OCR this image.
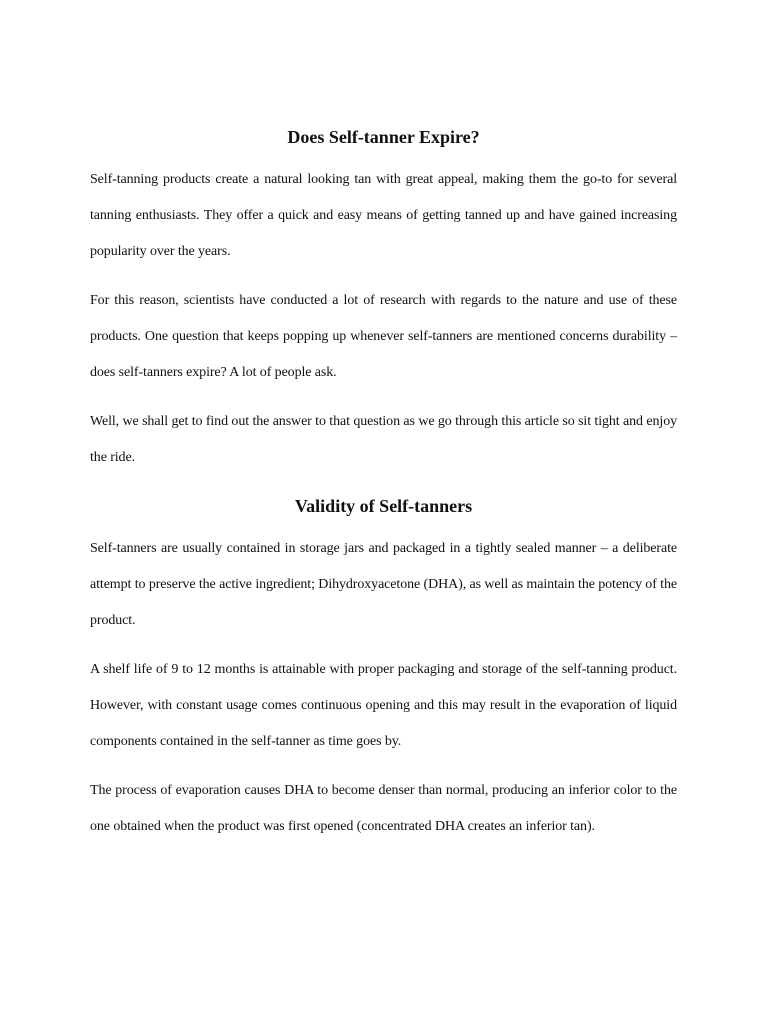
Does Self-tanner Expire?

Self-tanning products create a natural looking tan with great appeal, making them the go-to for several tanning enthusiasts. They offer a quick and easy means of getting tanned up and have gained increasing popularity over the years.

For this reason, scientists have conducted a lot of research with regards to the nature and use of these products. One question that keeps popping up whenever self-tanners are mentioned concerns durability – does self-tanners expire? A lot of people ask.

Well, we shall get to find out the answer to that question as we go through this article so sit tight and enjoy the ride.

Validity of Self-tanners

Self-tanners are usually contained in storage jars and packaged in a tightly sealed manner – a deliberate attempt to preserve the active ingredient; Dihydroxyacetone (DHA), as well as maintain the potency of the product.

A shelf life of 9 to 12 months is attainable with proper packaging and storage of the self-tanning product. However, with constant usage comes continuous opening and this may result in the evaporation of liquid components contained in the self-tanner as time goes by.

The process of evaporation causes DHA to become denser than normal, producing an inferior color to the one obtained when the product was first opened (concentrated DHA creates an inferior tan).
